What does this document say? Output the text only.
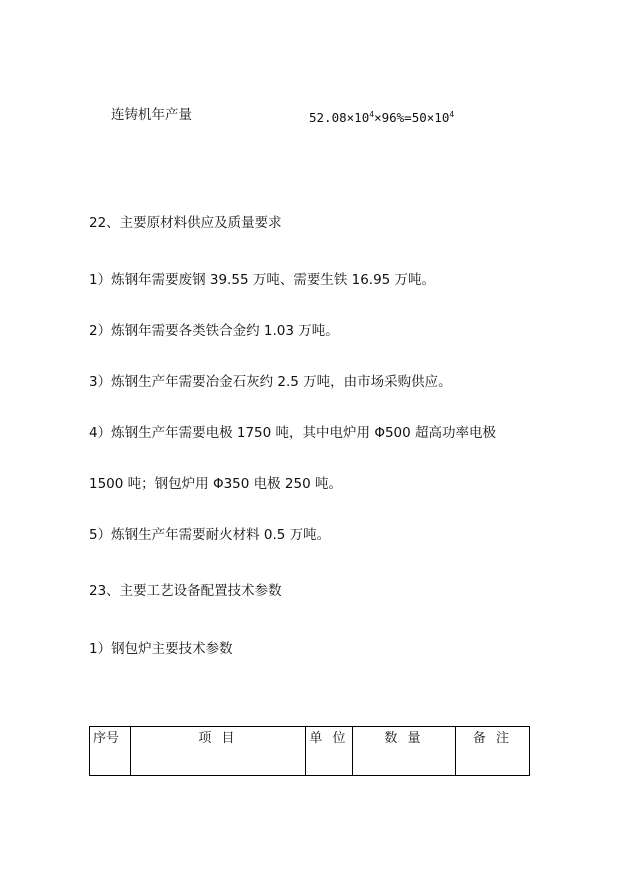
连铸机年产量	$52.08\times 10^4\times 96\%=50\times 10^4$
22、主要原材料供应及质量要求
1）炼钢年需要废钢 39.55 万吨、需要生铁 16.95 万吨。
2）炼钢年需要各类铁合金约 1.03 万吨。
3）炼钢生产年需要冶金石灰约 2.5 万吨，由市场采购供应。
4）炼钢生产年需要电极 1750 吨，其中电炉用 Φ500 超高功率电极
1500 吨；钢包炉用 Φ350 电极 250 吨。
5）炼钢生产年需要耐火材料 0.5 万吨。
23、主要工艺设备配置技术参数
1）钢包炉主要技术参数
序号	项 目	单 位	数 量	备 注
